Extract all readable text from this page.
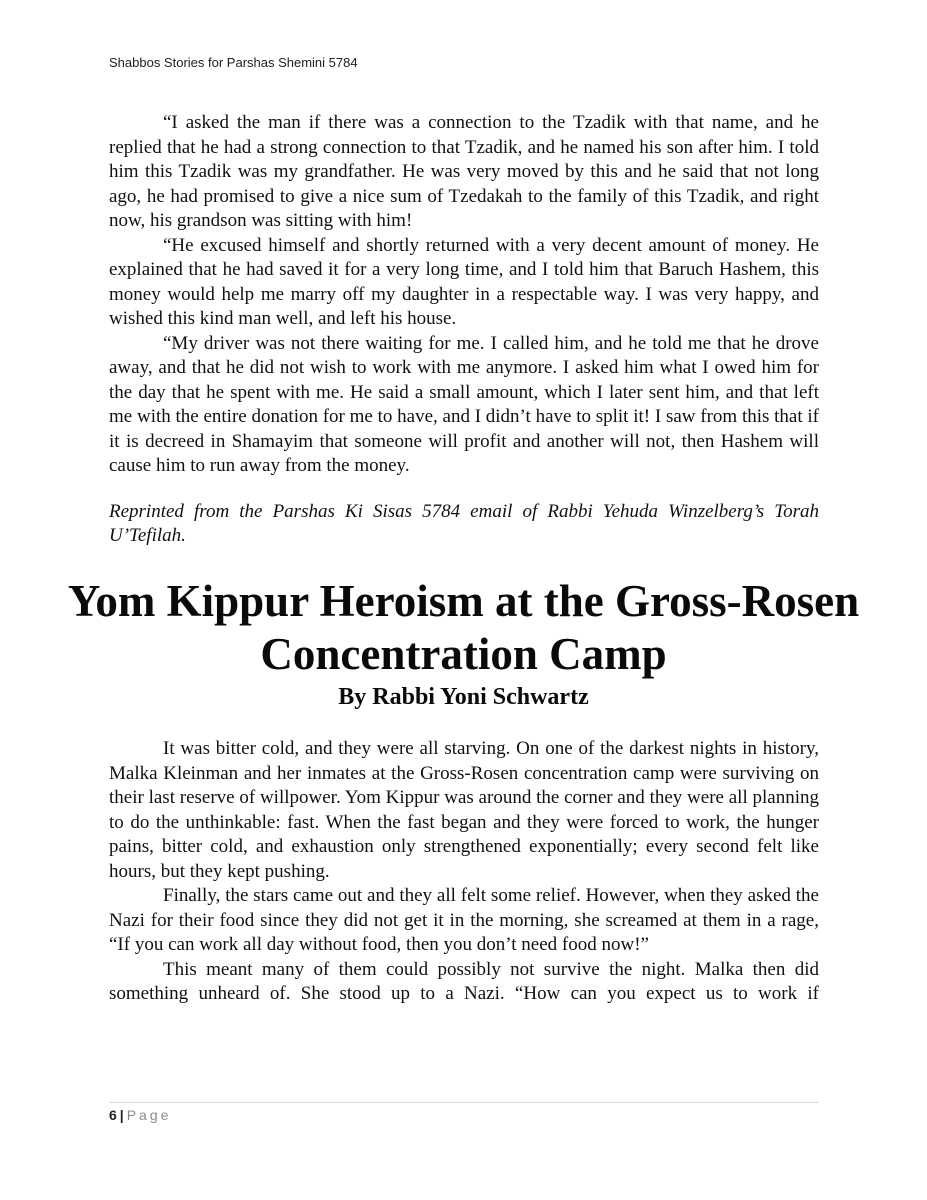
Shabbos Stories for Parshas Shemini 5784

“I asked the man if there was a connection to the Tzadik with that name, and he replied that he had a strong connection to that Tzadik, and he named his son after him. I told him this Tzadik was my grandfather. He was very moved by this and he said that not long ago, he had promised to give a nice sum of Tzedakah to the family of this Tzadik, and right now, his grandson was sitting with him!

“He excused himself and shortly returned with a very decent amount of money. He explained that he had saved it for a very long time, and I told him that Baruch Hashem, this money would help me marry off my daughter in a respectable way. I was very happy, and wished this kind man well, and left his house.

“My driver was not there waiting for me. I called him, and he told me that he drove away, and that he did not wish to work with me anymore. I asked him what I owed him for the day that he spent with me. He said a small amount, which I later sent him, and that left me with the entire donation for me to have, and I didn’t have to split it! I saw from this that if it is decreed in Shamayim that someone will profit and another will not, then Hashem will cause him to run away from the money.

Reprinted from the Parshas Ki Sisas 5784 email of Rabbi Yehuda Winzelberg’s Torah U’Tefilah.
Yom Kippur Heroism at the Gross-Rosen Concentration Camp
By Rabbi Yoni Schwartz

It was bitter cold, and they were all starving. On one of the darkest nights in history, Malka Kleinman and her inmates at the Gross-Rosen concentration camp were surviving on their last reserve of willpower. Yom Kippur was around the corner and they were all planning to do the unthinkable: fast. When the fast began and they were forced to work, the hunger pains, bitter cold, and exhaustion only strengthened exponentially; every second felt like hours, but they kept pushing.

Finally, the stars came out and they all felt some relief. However, when they asked the Nazi for their food since they did not get it in the morning, she screamed at them in a rage, “If you can work all day without food, then you don’t need food now!”

This meant many of them could possibly not survive the night. Malka then did something unheard of. She stood up to a Nazi. “How can you expect us to work if

6 | Page
